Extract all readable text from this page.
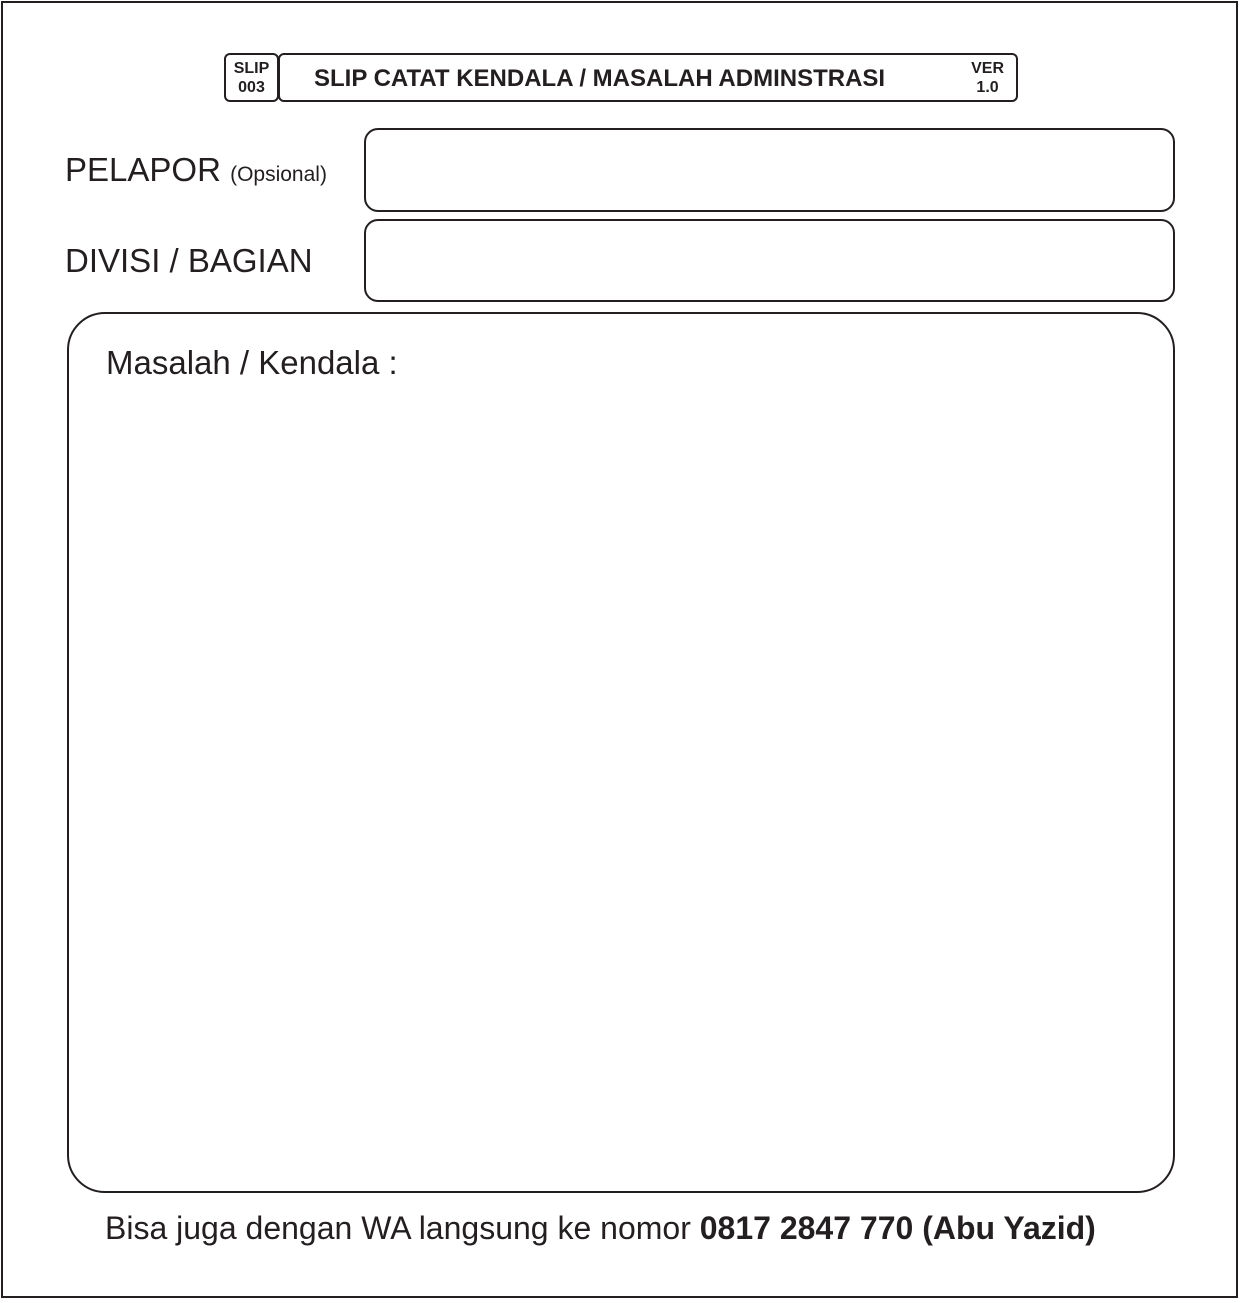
SLIP
003 SLIP CATAT KENDALA / MASALAH ADMINSTRASI	VER
1.0
PELAPOR (Opsional)
DIVISI / BAGIAN
Masalah / Kendala :
Bisa juga dengan WA langsung ke nomor 0817 2847 770 (Abu Yazid)
